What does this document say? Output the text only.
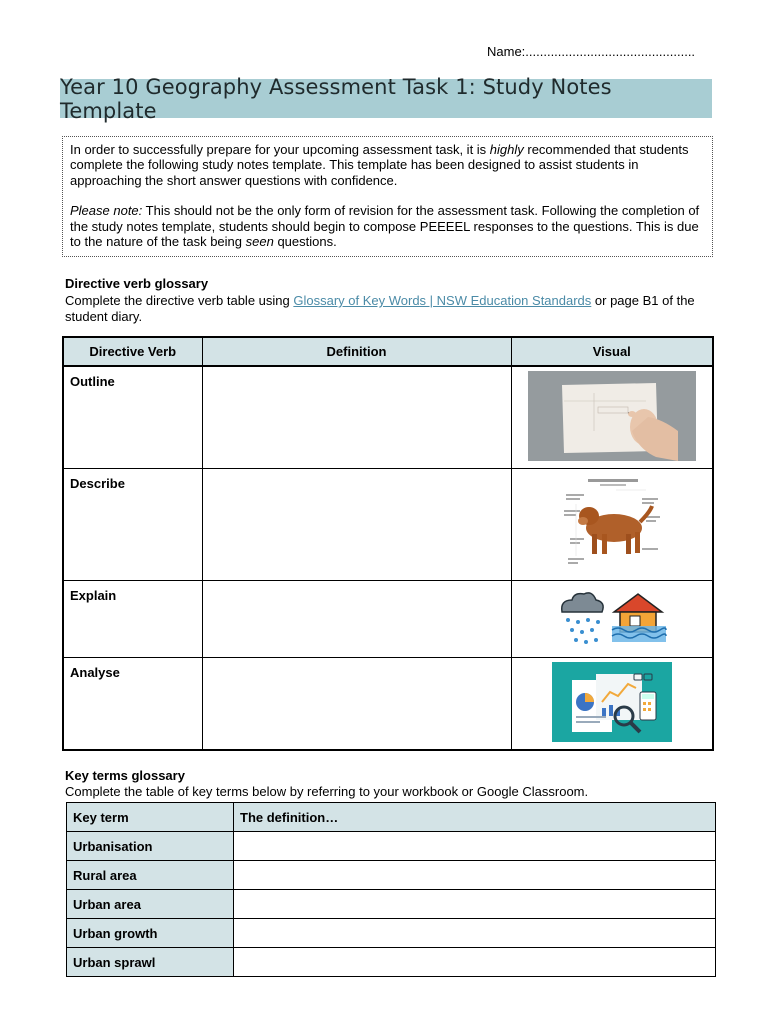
Name:...............................................
Year 10 Geography Assessment Task 1: Study Notes Template

In order to successfully prepare for your upcoming assessment task, it is highly recommended that students complete the following study notes template. This template has been designed to assist students in approaching the short answer questions with confidence.

Please note: This should not be the only form of revision for the assessment task. Following the completion of the study notes template, students should begin to compose PEEEEL responses to the questions. This is due to the nature of the task being seen questions.

Directive verb glossary
Complete the directive verb table using Glossary of Key Words | NSW Education Standards or page B1 of the student diary.
Directive Verb	Definition	Visual
Outline		
Describe		
Explain		
Analyse		
Key terms glossary
Complete the table of key terms below by referring to your workbook or Google Classroom.
Key term	The definition…
Urbanisation	
Rural area	
Urban area	
Urban growth	
Urban sprawl	
